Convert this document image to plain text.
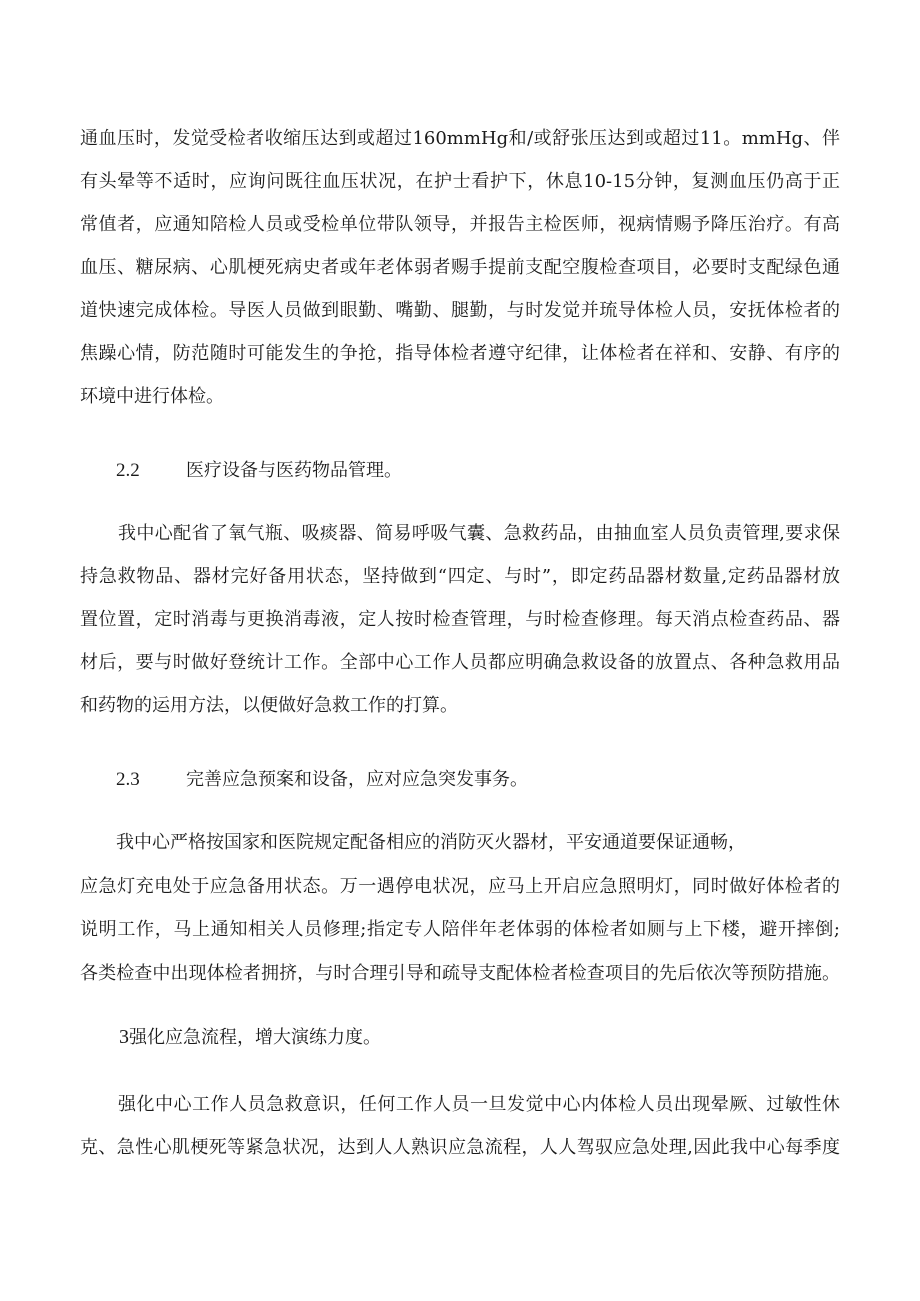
通血压时，发觉受检者收缩压达到或超过160mmHg和/或舒张压达到或超过11。mmHg、伴
有头晕等不适时，应询问既往血压状况，在护士看护下，休息10-15分钟，复测血压仍高于正
常值者，应通知陪检人员或受检单位带队领导，并报告主检医师，视病情赐予降压治疗。有高
血压、糖尿病、心肌梗死病史者或年老体弱者赐手提前支配空腹检查项目，必要时支配绿色通
道快速完成体检。导医人员做到眼勤、嘴勤、腿勤，与时发觉并琉导体检人员，安抚体检者的
焦躁心情，防范随时可能发生的争抢，指导体检者遵守纪律，让体检者在祥和、安静、有序的
环境中进行体检。
2.2	医疗设备与医药物品管理。
我中心配省了氧气瓶、吸痰器、简易呼吸气囊、急救药品，由抽血室人员负责管理,要求保
持急救物品、器材完好备用状态，坚持做到“四定、与时”，即定药品器材数量,定药品器材放
置位置，定时消毒与更换消毒液，定人按时检查管理，与时检查修理。每天消点检查药品、器
材后，要与时做好登统计工作。全部中心工作人员都应明确急救设备的放置点、各种急救用品
和药物的运用方法，以便做好急救工作的打算。
2.3	完善应急预案和设备，应对应急突发事务。
我中心严格按国家和医院规定配备相应的消防灭火器材，平安通道要保证通畅，
应急灯充电处于应急备用状态。万一遇停电状况，应马上开启应急照明灯，同时做好体检者的
说明工作，马上通知相关人员修理;指定专人陪伴年老体弱的体检者如厕与上下楼，避开摔倒;
各类检查中出现体检者拥挤，与时合理引导和疏导支配体检者检查项目的先后依次等预防措施。
3强化应急流程，增大演练力度。
强化中心工作人员急救意识，任何工作人员一旦发觉中心内体检人员出现晕厥、过敏性休
克、急性心肌梗死等紧急状况，达到人人熟识应急流程，人人驾驭应急处理,因此我中心每季度
